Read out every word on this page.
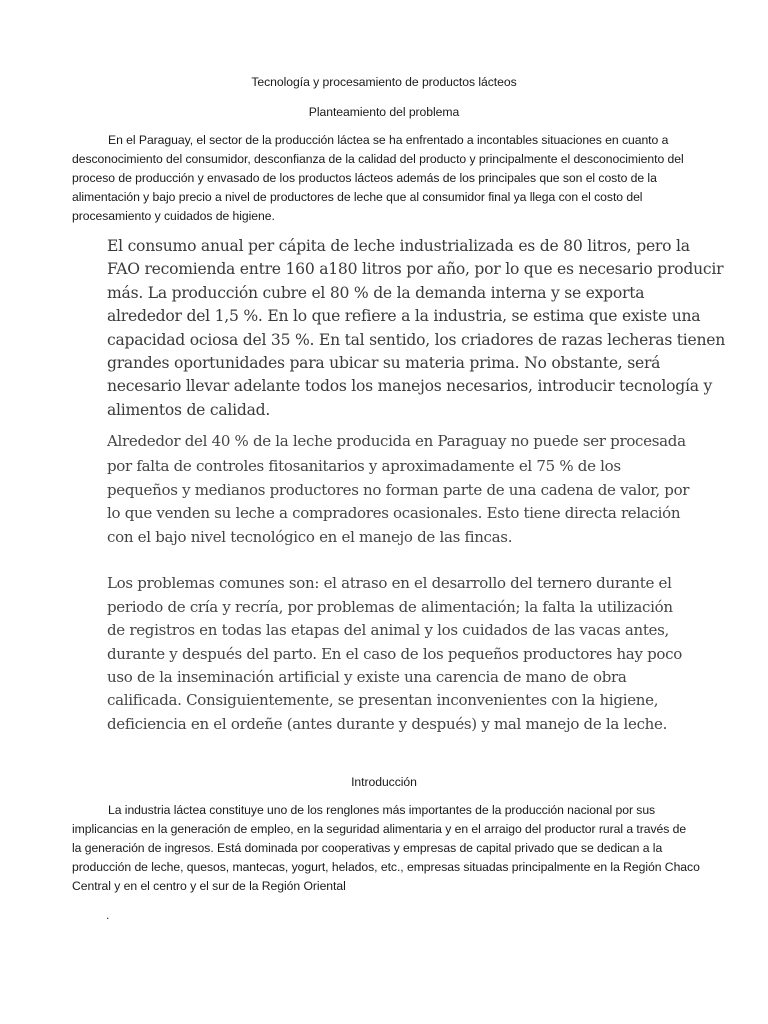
Tecnología y procesamiento de productos lácteos
Planteamiento del problema
En el Paraguay, el sector de la producción láctea se ha enfrentado a incontables situaciones en cuanto a
desconocimiento del consumidor, desconfianza de la calidad del producto y principalmente el desconocimiento del
proceso de producción y envasado de los productos lácteos además de los principales que son el costo de la
alimentación y bajo precio a nivel de productores de leche que al consumidor final ya llega con el costo del
procesamiento y cuidados de higiene.
El consumo anual per cápita de leche industrializada es de 80 litros, pero la
FAO recomienda entre 160 a180 litros por año, por lo que es necesario producir
más. La producción cubre el 80 % de la demanda interna y se exporta
alrededor del 1,5 %. En lo que refiere a la industria, se estima que existe una
capacidad ociosa del 35 %. En tal sentido, los criadores de razas lecheras tienen
grandes oportunidades para ubicar su materia prima. No obstante, será
necesario llevar adelante todos los manejos necesarios, introducir tecnología y
alimentos de calidad.
Alrededor del 40 % de la leche producida en Paraguay no puede ser procesada
por falta de controles fitosanitarios y aproximadamente el 75 % de los
pequeños y medianos productores no forman parte de una cadena de valor, por
lo que venden su leche a compradores ocasionales. Esto tiene directa relación
con el bajo nivel tecnológico en el manejo de las fincas.
Los problemas comunes son: el atraso en el desarrollo del ternero durante el
periodo de cría y recría, por problemas de alimentación; la falta la utilización
de registros en todas las etapas del animal y los cuidados de las vacas antes,
durante y después del parto. En el caso de los pequeños productores hay poco
uso de la inseminación artificial y existe una carencia de mano de obra
calificada. Consiguientemente, se presentan inconvenientes con la higiene,
deficiencia en el ordeñe (antes durante y después) y mal manejo de la leche.
Introducción
La industria láctea constituye uno de los renglones más importantes de la producción nacional por sus
implicancias en la generación de empleo, en la seguridad alimentaria y en el arraigo del productor rural a través de
la generación de ingresos. Está dominada por cooperativas y empresas de capital privado que se dedican a la
producción de leche, quesos, mantecas, yogurt, helados, etc., empresas situadas principalmente en la Región Chaco
Central y en el centro y el sur de la Región Oriental
.
